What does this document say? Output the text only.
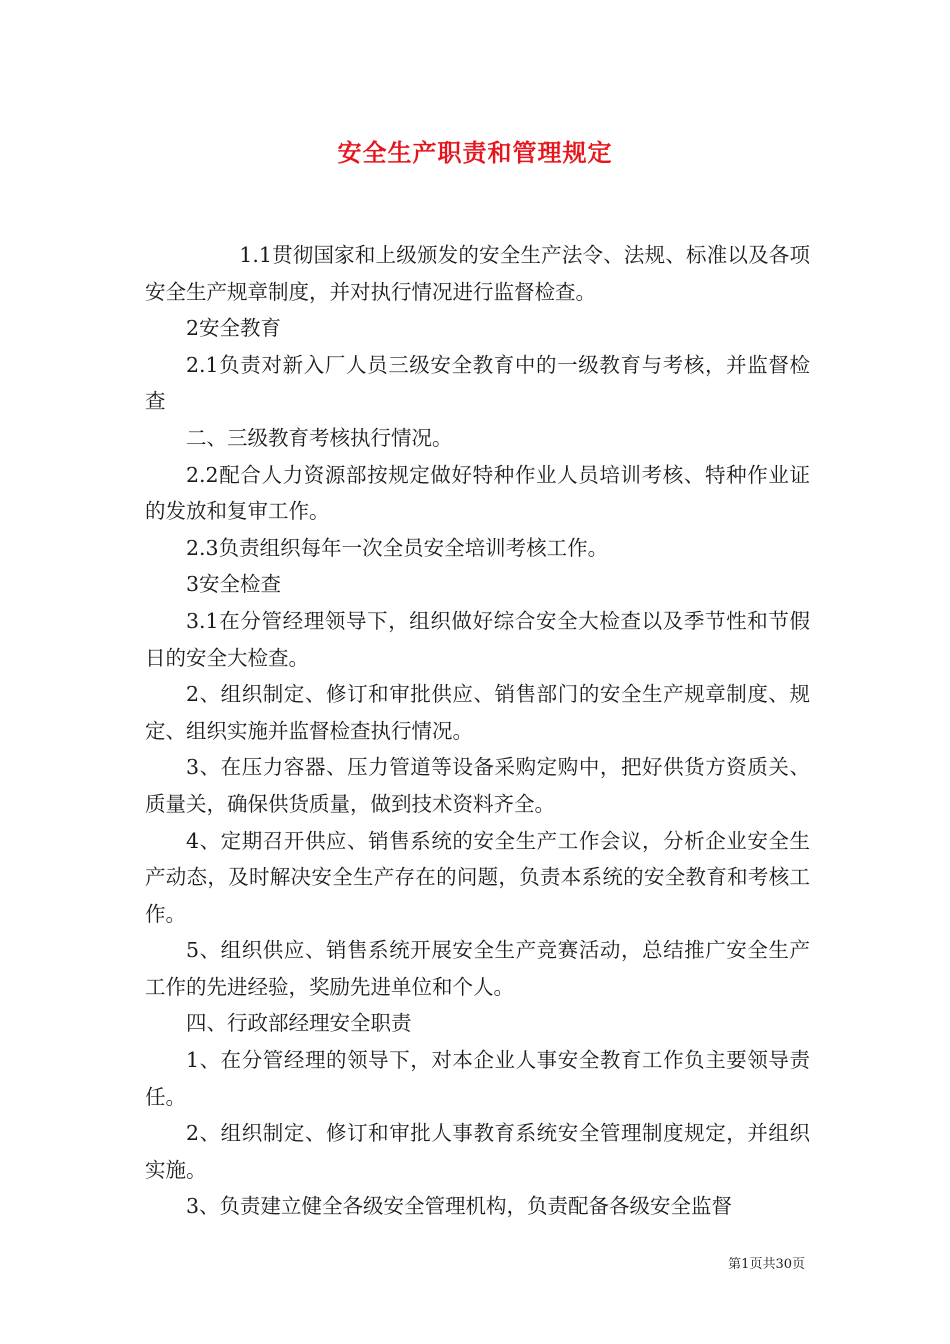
安全生产职责和管理规定

1.1贯彻国家和上级颁发的安全生产法令、法规、标准以及各项安全生产规章制度，并对执行情况进行监督检查。

2安全教育

2.1负责对新入厂人员三级安全教育中的一级教育与考核，并监督检查

二、三级教育考核执行情况。

2.2配合人力资源部按规定做好特种作业人员培训考核、特种作业证的发放和复审工作。

2.3负责组织每年一次全员安全培训考核工作。

3安全检查

3.1在分管经理领导下，组织做好综合安全大检查以及季节性和节假日的安全大检查。

2、组织制定、修订和审批供应、销售部门的安全生产规章制度、规定、组织实施并监督检查执行情况。

3、在压力容器、压力管道等设备采购定购中，把好供货方资质关、质量关，确保供货质量，做到技术资料齐全。

4、定期召开供应、销售系统的安全生产工作会议，分析企业安全生产动态，及时解决安全生产存在的问题，负责本系统的安全教育和考核工作。

5、组织供应、销售系统开展安全生产竞赛活动，总结推广安全生产工作的先进经验，奖励先进单位和个人。

四、行政部经理安全职责

1、在分管经理的领导下，对本企业人事安全教育工作负主要领导责任。

2、组织制定、修订和审批人事教育系统安全管理制度规定，并组织实施。

3、负责建立健全各级安全管理机构，负责配备各级安全监督

第1页共30页
